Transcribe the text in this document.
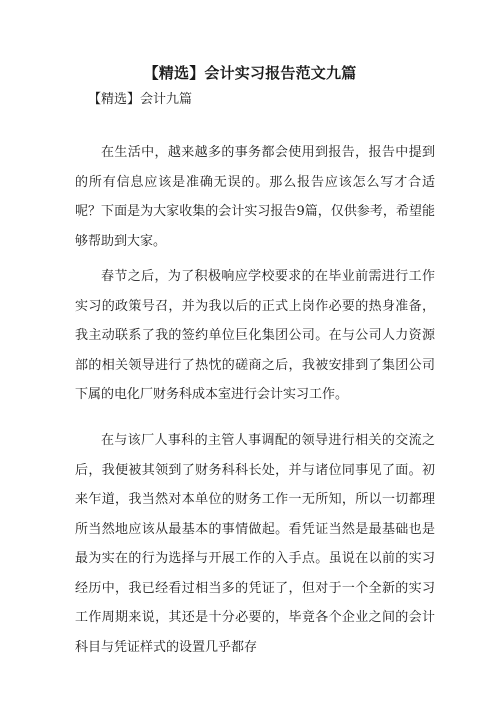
【精选】会计实习报告范文九篇
【精选】会计九篇

在生活中，越来越多的事务都会使用到报告，报告中提到的所有信息应该是准确无误的。那么报告应该怎么写才合适呢？下面是为大家收集的会计实习报告9篇，仅供参考，希望能够帮助到大家。

春节之后，为了积极响应学校要求的在毕业前需进行工作实习的政策号召，并为我以后的正式上岗作必要的热身准备，我主动联系了我的签约单位巨化集团公司。在与公司人力资源部的相关领导进行了热忱的磋商之后，我被安排到了集团公司下属的电化厂财务科成本室进行会计实习工作。

在与该厂人事科的主管人事调配的领导进行相关的交流之后，我便被其领到了财务科科长处，并与诸位同事见了面。初来乍道，我当然对本单位的财务工作一无所知，所以一切都理所当然地应该从最基本的事情做起。看凭证当然是最基础也是最为实在的行为选择与开展工作的入手点。虽说在以前的实习经历中，我已经看过相当多的凭证了，但对于一个全新的实习工作周期来说，其还是十分必要的，毕竟各个企业之间的会计科目与凭证样式的设置几乎都存
